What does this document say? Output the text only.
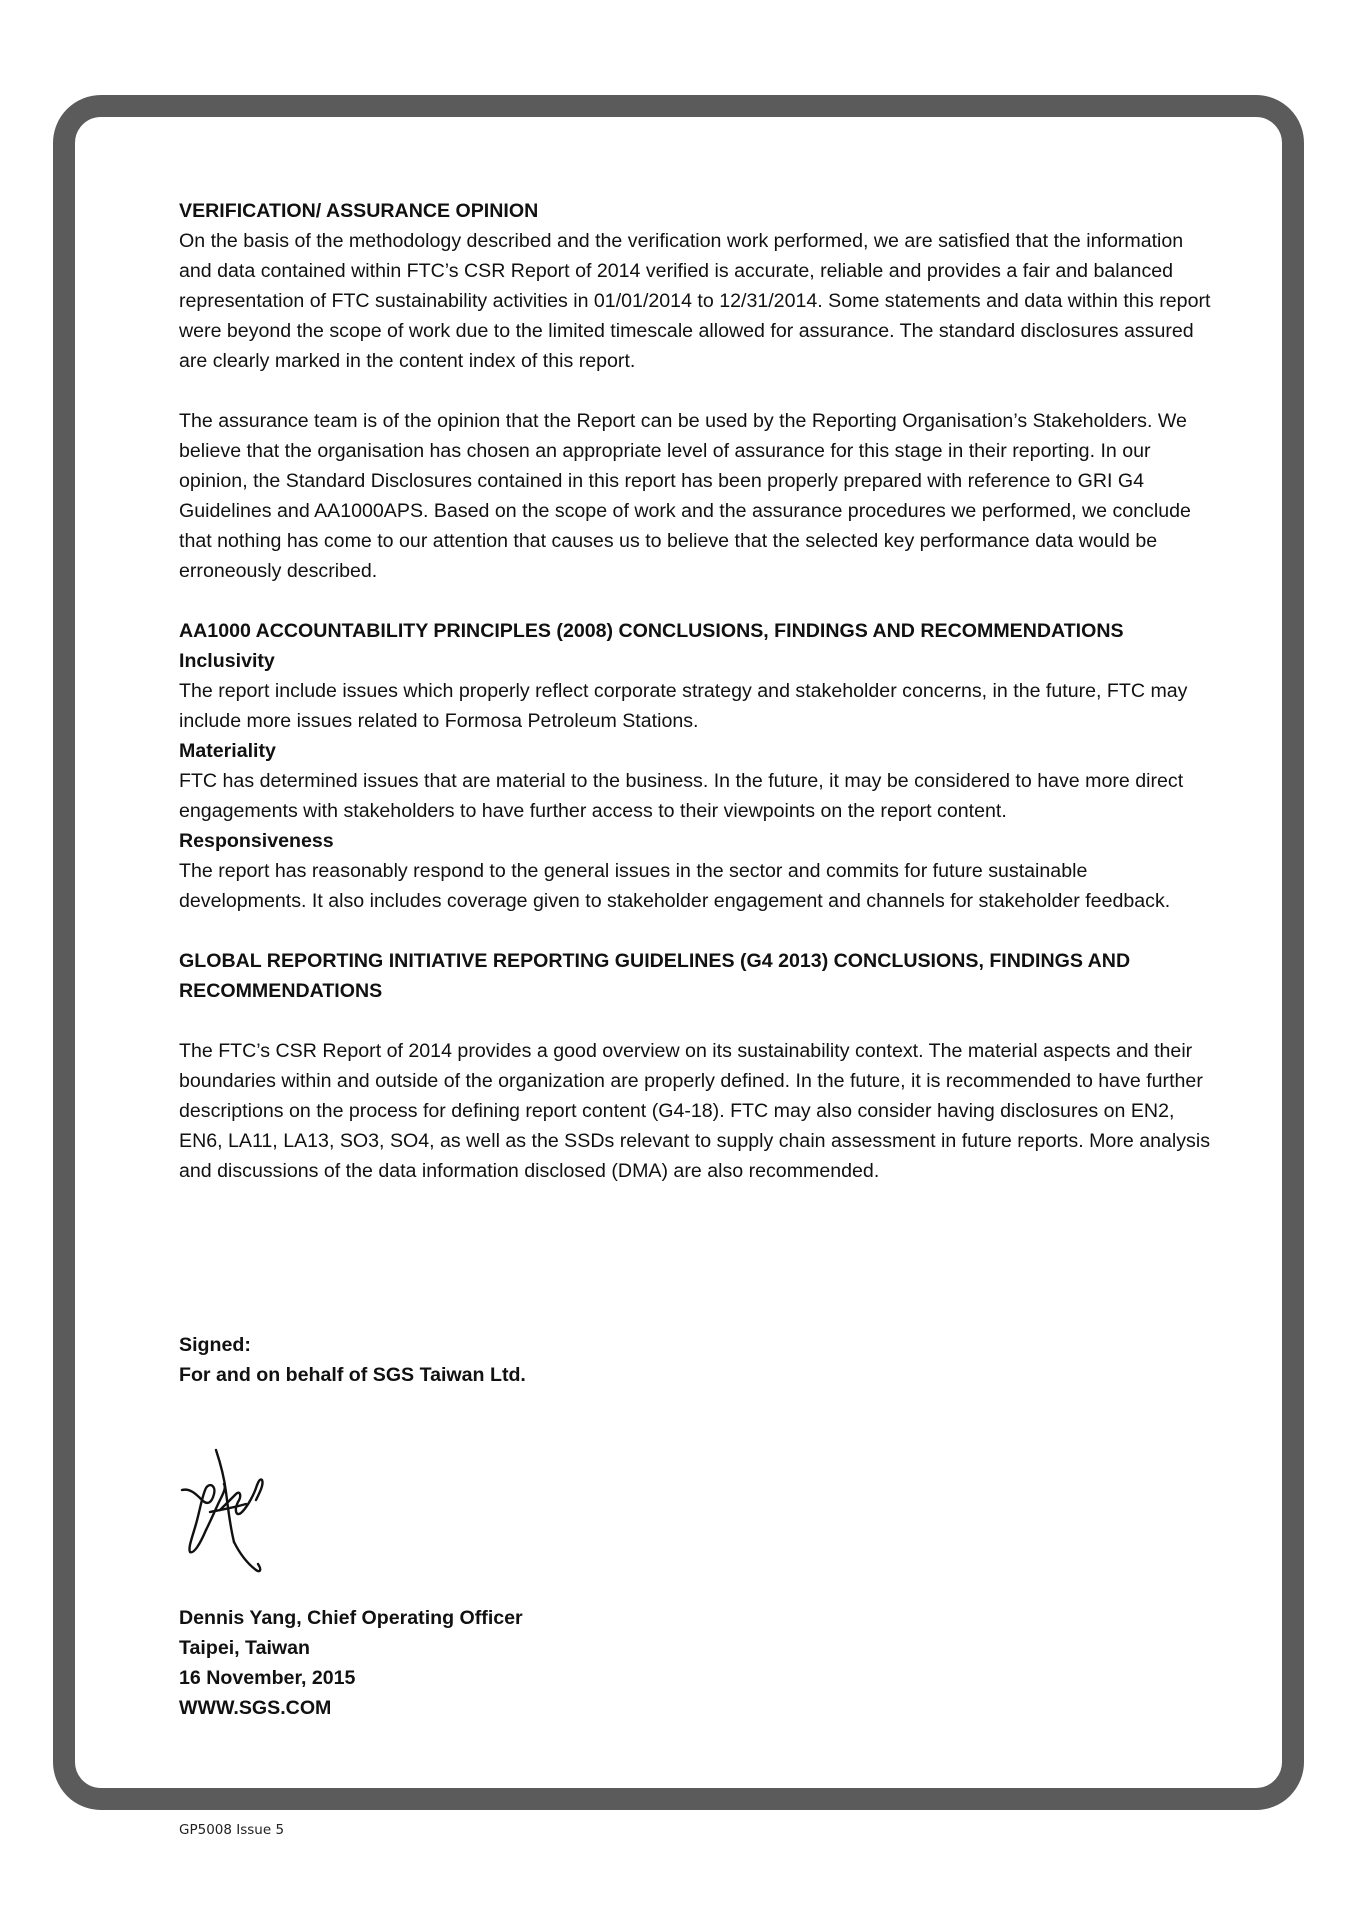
VERIFICATION/ ASSURANCE OPINION

On the basis of the methodology described and the verification work performed, we are satisfied that the information and data contained within FTC’s CSR Report of 2014 verified is accurate, reliable and provides a fair and balanced representation of FTC sustainability activities in 01/01/2014 to 12/31/2014. Some statements and data within this report were beyond the scope of work due to the limited timescale allowed for assurance. The standard disclosures assured are clearly marked in the content index of this report.

The assurance team is of the opinion that the Report can be used by the Reporting Organisation’s Stakeholders. We believe that the organisation has chosen an appropriate level of assurance for this stage in their reporting. In our opinion, the Standard Disclosures contained in this report has been properly prepared with reference to GRI G4 Guidelines and AA1000APS. Based on the scope of work and the assurance procedures we performed, we conclude that nothing has come to our attention that causes us to believe that the selected key performance data would be erroneously described.

AA1000 ACCOUNTABILITY PRINCIPLES (2008) CONCLUSIONS, FINDINGS AND RECOMMENDATIONS

Inclusivity

The report include issues which properly reflect corporate strategy and stakeholder concerns, in the future, FTC may include more issues related to Formosa Petroleum Stations.

Materiality

FTC has determined issues that are material to the business. In the future, it may be considered to have more direct engagements with stakeholders to have further access to their viewpoints on the report content.

Responsiveness

The report has reasonably respond to the general issues in the sector and commits for future sustainable developments. It also includes coverage given to stakeholder engagement and channels for stakeholder feedback.

GLOBAL REPORTING INITIATIVE REPORTING GUIDELINES (G4 2013) CONCLUSIONS, FINDINGS AND RECOMMENDATIONS

The FTC’s CSR Report of 2014 provides a good overview on its sustainability context. The material aspects and their boundaries within and outside of the organization are properly defined. In the future, it is recommended to have further descriptions on the process for defining report content (G4-18). FTC may also consider having disclosures on EN2, EN6, LA11, LA13, SO3, SO4, as well as the SSDs relevant to supply chain assessment in future reports. More analysis and discussions of the data information disclosed (DMA) are also recommended.

Signed:

For and on behalf of SGS Taiwan Ltd.

Dennis Yang, Chief Operating Officer

Taipei, Taiwan

16 November, 2015

WWW.SGS.COM

GP5008 Issue 5
